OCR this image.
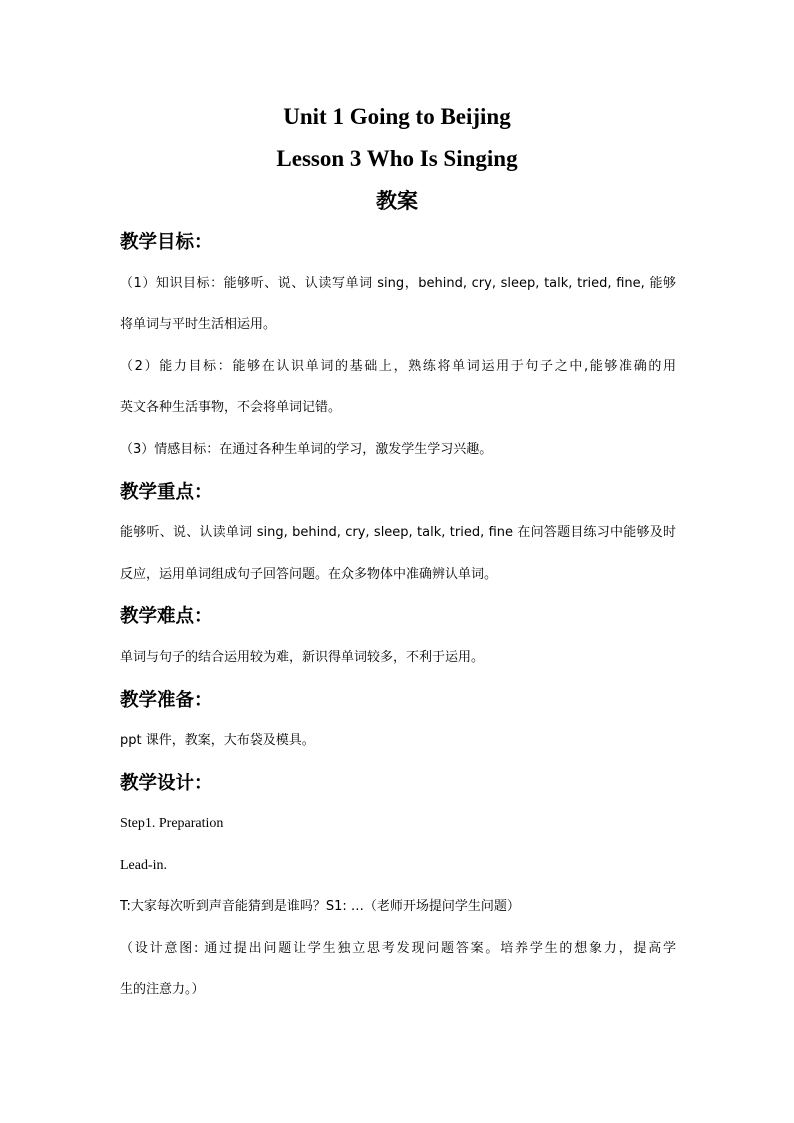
Unit 1 Going to Beijing
Lesson 3 Who Is Singing
教案
教学目标：
（1）知识目标：能够听、说、认读写单词 sing，behind, cry, sleep, talk, tried, fine, 能够
将单词与平时生活相运用。
（2）能力目标：能够在认识单词的基础上，熟练将单词运用于句子之中,能够准确的用
英文各种生活事物，不会将单词记错。
（3）情感目标：在通过各种生单词的学习，激发学生学习兴趣。
教学重点：
能够听、说、认读单词 sing, behind, cry, sleep, talk, tried, fine 在问答题目练习中能够及时
反应，运用单词组成句子回答问题。在众多物体中准确辨认单词。
教学难点：
单词与句子的结合运用较为难，新识得单词较多，不利于运用。
教学准备：
ppt 课件，教案，大布袋及模具。
教学设计：
Step1. Preparation
Lead-in.
T:大家每次听到声音能猜到是谁吗？S1: …（老师开场提问学生问题）
（设计意图: 通过提出问题让学生独立思考发现问题答案。培养学生的想象力，提高学
生的注意力。）
